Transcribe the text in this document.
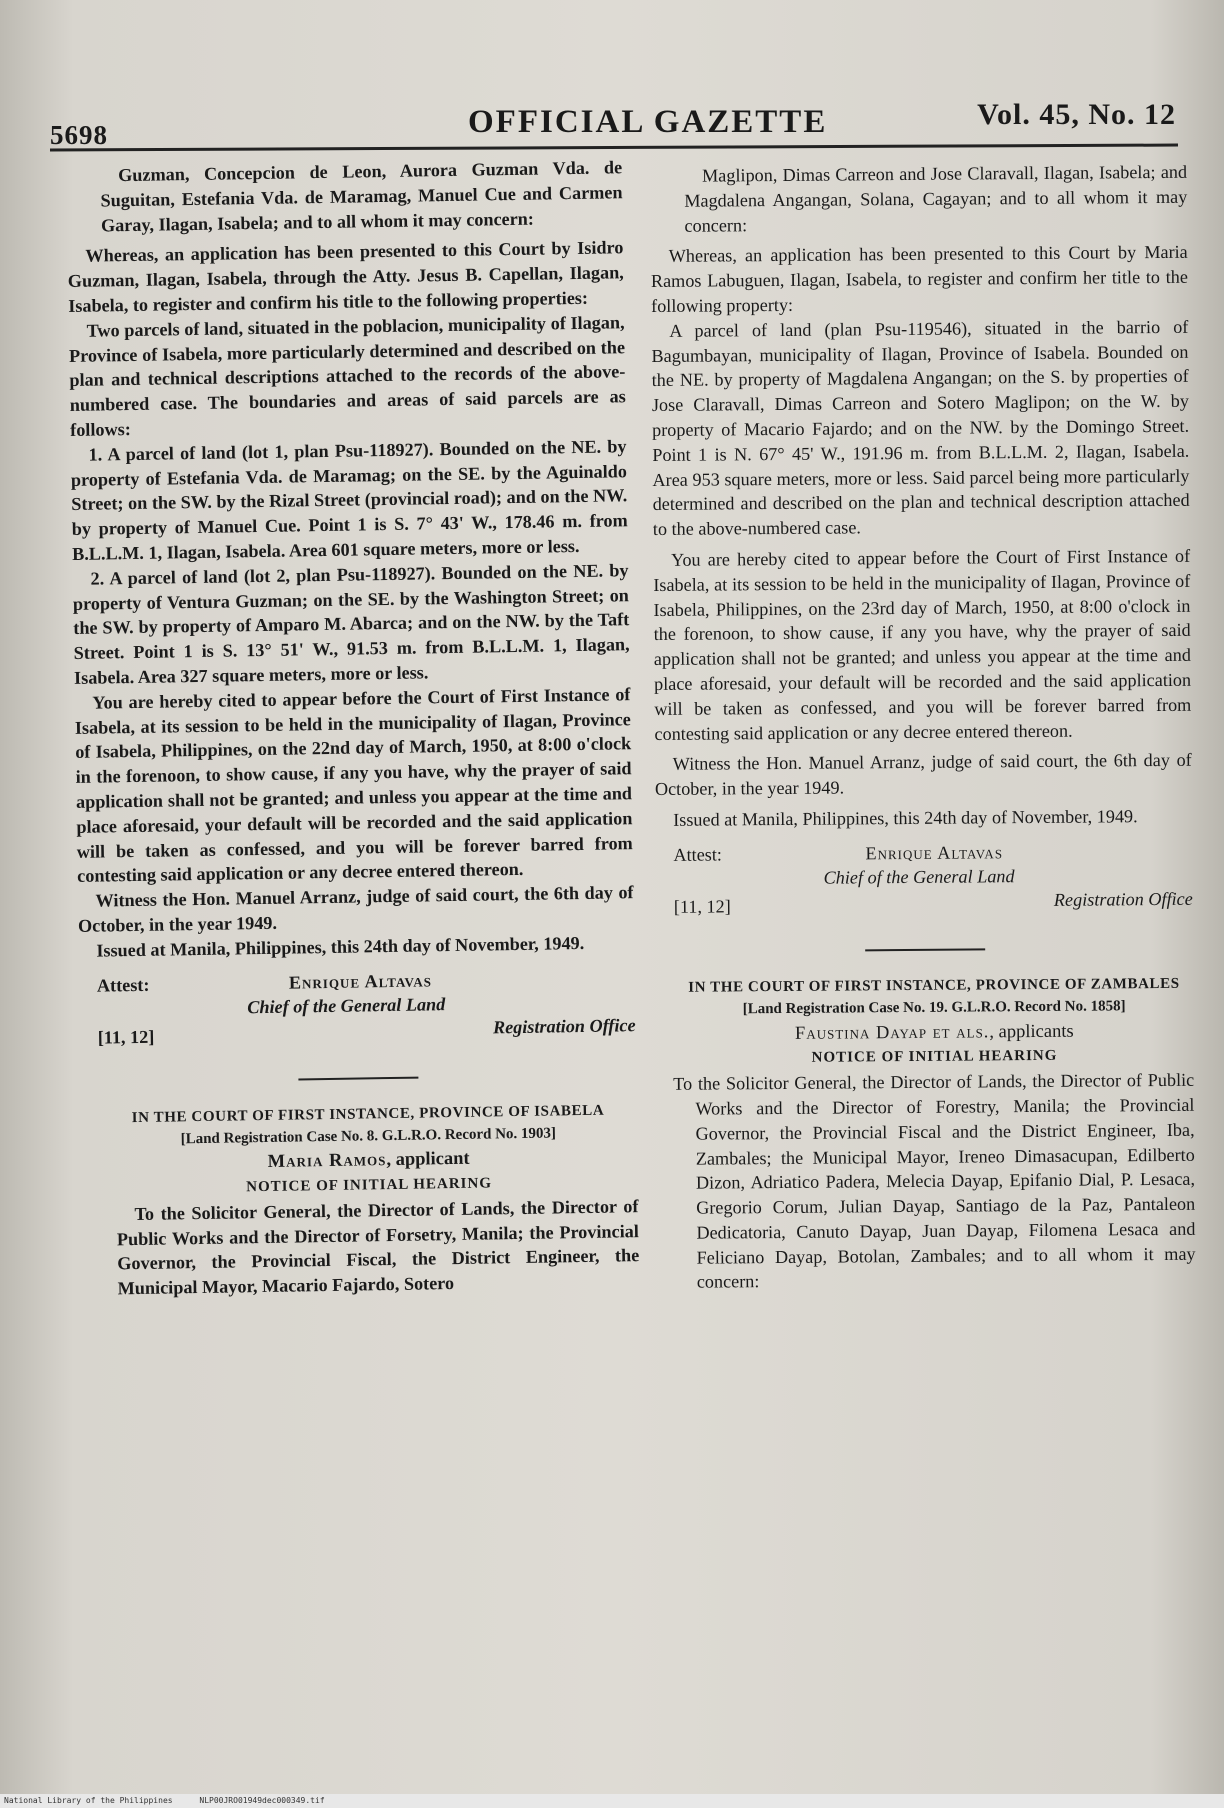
5698	OFFICIAL GAZETTE	Vol. 45, No. 12

Guzman, Concepcion de Leon, Aurora Guzman Vda. de Suguitan, Estefania Vda. de Maramag, Manuel Cue and Carmen Garay, Ilagan, Isabela; and to all whom it may concern:

Whereas, an application has been presented to this Court by Isidro Guzman, Ilagan, Isabela, through the Atty. Jesus B. Capellan, Ilagan, Isabela, to register and confirm his title to the following properties:

Two parcels of land, situated in the poblacion, municipality of Ilagan, Province of Isabela, more particularly determined and described on the plan and technical descriptions attached to the records of the above-numbered case. The boundaries and areas of said parcels are as follows:

1. A parcel of land (lot 1, plan Psu-118927). Bounded on the NE. by property of Estefania Vda. de Maramag; on the SE. by the Aguinaldo Street; on the SW. by the Rizal Street (provincial road); and on the NW. by property of Manuel Cue. Point 1 is S. 7° 43' W., 178.46 m. from B.L.L.M. 1, Ilagan, Isabela. Area 601 square meters, more or less.

2. A parcel of land (lot 2, plan Psu-118927). Bounded on the NE. by property of Ventura Guzman; on the SE. by the Washington Street; on the SW. by property of Amparo M. Abarca; and on the NW. by the Taft Street. Point 1 is S. 13° 51' W., 91.53 m. from B.L.L.M. 1, Ilagan, Isabela. Area 327 square meters, more or less.

You are hereby cited to appear before the Court of First Instance of Isabela, at its session to be held in the municipality of Ilagan, Province of Isabela, Philippines, on the 22nd day of March, 1950, at 8:00 o'clock in the forenoon, to show cause, if any you have, why the prayer of said application shall not be granted; and unless you appear at the time and place aforesaid, your default will be recorded and the said application will be taken as confessed, and you will be forever barred from contesting said application or any decree entered thereon.

Witness the Hon. Manuel Arranz, judge of said court, the 6th day of October, in the year 1949.

Issued at Manila, Philippines, this 24th day of November, 1949.

Attest:	Enrique Altavas
Chief of the General Land
Registration Office
[11, 12]

IN THE COURT OF FIRST INSTANCE, PROVINCE OF ISABELA

[Land Registration Case No. 8. G.L.R.O. Record No. 1903]

Maria Ramos, applicant

NOTICE OF INITIAL HEARING

To the Solicitor General, the Director of Lands, the Director of Public Works and the Director of Forsetry, Manila; the Provincial Governor, the Provincial Fiscal, the District Engineer, the Municipal Mayor, Macario Fajardo, Sotero

Maglipon, Dimas Carreon and Jose Claravall, Ilagan, Isabela; and Magdalena Angangan, Solana, Cagayan; and to all whom it may concern:

Whereas, an application has been presented to this Court by Maria Ramos Labuguen, Ilagan, Isabela, to register and confirm her title to the following property:

A parcel of land (plan Psu-119546), situated in the barrio of Bagumbayan, municipality of Ilagan, Province of Isabela. Bounded on the NE. by property of Magdalena Angangan; on the S. by properties of Jose Claravall, Dimas Carreon and Sotero Maglipon; on the W. by property of Macario Fajardo; and on the NW. by the Domingo Street. Point 1 is N. 67° 45' W., 191.96 m. from B.L.L.M. 2, Ilagan, Isabela. Area 953 square meters, more or less. Said parcel being more particularly determined and described on the plan and technical description attached to the above-numbered case.

You are hereby cited to appear before the Court of First Instance of Isabela, at its session to be held in the municipality of Ilagan, Province of Isabela, Philippines, on the 23rd day of March, 1950, at 8:00 o'clock in the forenoon, to show cause, if any you have, why the prayer of said application shall not be granted; and unless you appear at the time and place aforesaid, your default will be recorded and the said application will be taken as confessed, and you will be forever barred from contesting said application or any decree entered thereon.

Witness the Hon. Manuel Arranz, judge of said court, the 6th day of October, in the year 1949.

Issued at Manila, Philippines, this 24th day of November, 1949.

Attest:	Enrique Altavas
Chief of the General Land
Registration Office
[11, 12]

IN THE COURT OF FIRST INSTANCE, PROVINCE OF ZAMBALES

[Land Registration Case No. 19. G.L.R.O. Record No. 1858]

Faustina Dayap et als., applicants

NOTICE OF INITIAL HEARING

To the Solicitor General, the Director of Lands, the Director of Public Works and the Director of Forestry, Manila; the Provincial Governor, the Provincial Fiscal and the District Engineer, Iba, Zambales; the Municipal Mayor, Ireneo Dimasacupan, Edilberto Dizon, Adriatico Padera, Melecia Dayap, Epifanio Dial, P. Lesaca, Gregorio Corum, Julian Dayap, Santiago de la Paz, Pantaleon Dedicatoria, Canuto Dayap, Juan Dayap, Filomena Lesaca and Feliciano Dayap, Botolan, Zambales; and to all whom it may concern:

National Library of the Philippines	NLP00JRO01949dec000349.tif
